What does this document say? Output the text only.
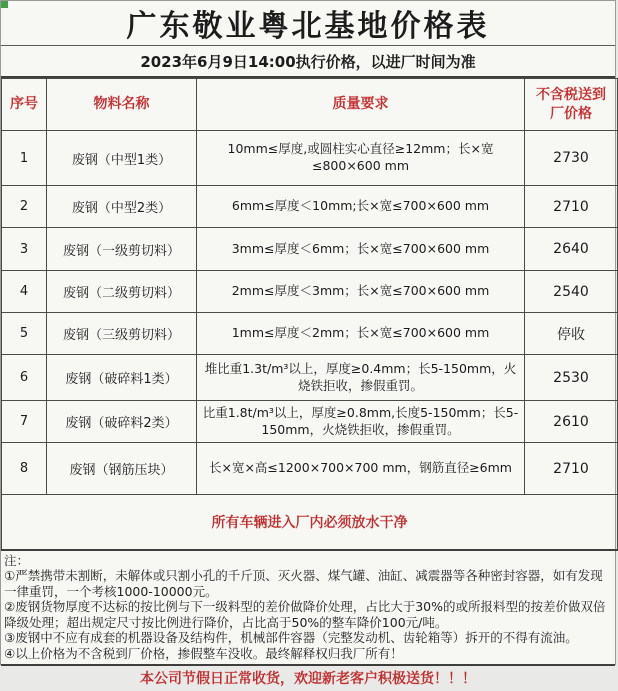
广东敬业粤北基地价格表
2023年6月9日14:00执行价格，以进厂时间为准
序号	物料名称	质量要求	不含税送到厂价格
1	废钢（中型1类）	10mm≤厚度,或圆柱实心直径≥12mm；长×宽≤800×600 mm	2730
2	废钢（中型2类）	6mm≤厚度＜10mm;长×宽≤700×600 mm	2710
3	废钢（一级剪切料）	3mm≤厚度＜6mm；长×宽≤700×600 mm	2640
4	废钢（二级剪切料）	2mm≤厚度＜3mm；长×宽≤700×600 mm	2540
5	废钢（三级剪切料）	1mm≤厚度＜2mm；长×宽≤700×600 mm	停收
6	废钢（破碎料1类）	堆比重1.3t/m³以上，厚度≥0.4mm；长5-150mm，火烧铁拒收，掺假重罚。	2530
7	废钢（破碎料2类）	比重1.8t/m³以上，厚度≥0.8mm,长度5-150mm；长5-150mm，火烧铁拒收，掺假重罚。	2610
8	废钢（钢筋压块）	长×宽×高≤1200×700×700 mm，钢筋直径≥6mm	2710
所有车辆进入厂内必须放水干净			
注：
①严禁携带未割断，未解体或只割小孔的千斤顶、灭火器、煤气罐、油缸、减震器等各种密封容器，如有发现一律重罚，一个考核1000-10000元。
②废钢货物厚度不达标的按比例与下一级料型的差价做降价处理，占比大于30%的或所报料型的按差价做双倍降级处理；超出规定尺寸按比例进行降价，占比高于50%的整车降价100元/吨。
③废钢中不应有成套的机器设备及结构件，机械部件容器（完整发动机、齿轮箱等）拆开的不得有流油。
④以上价格为不含税到厂价格，掺假整车没收。最终解释权归我厂所有！
本公司节假日正常收货，欢迎新老客户积极送货！！！
